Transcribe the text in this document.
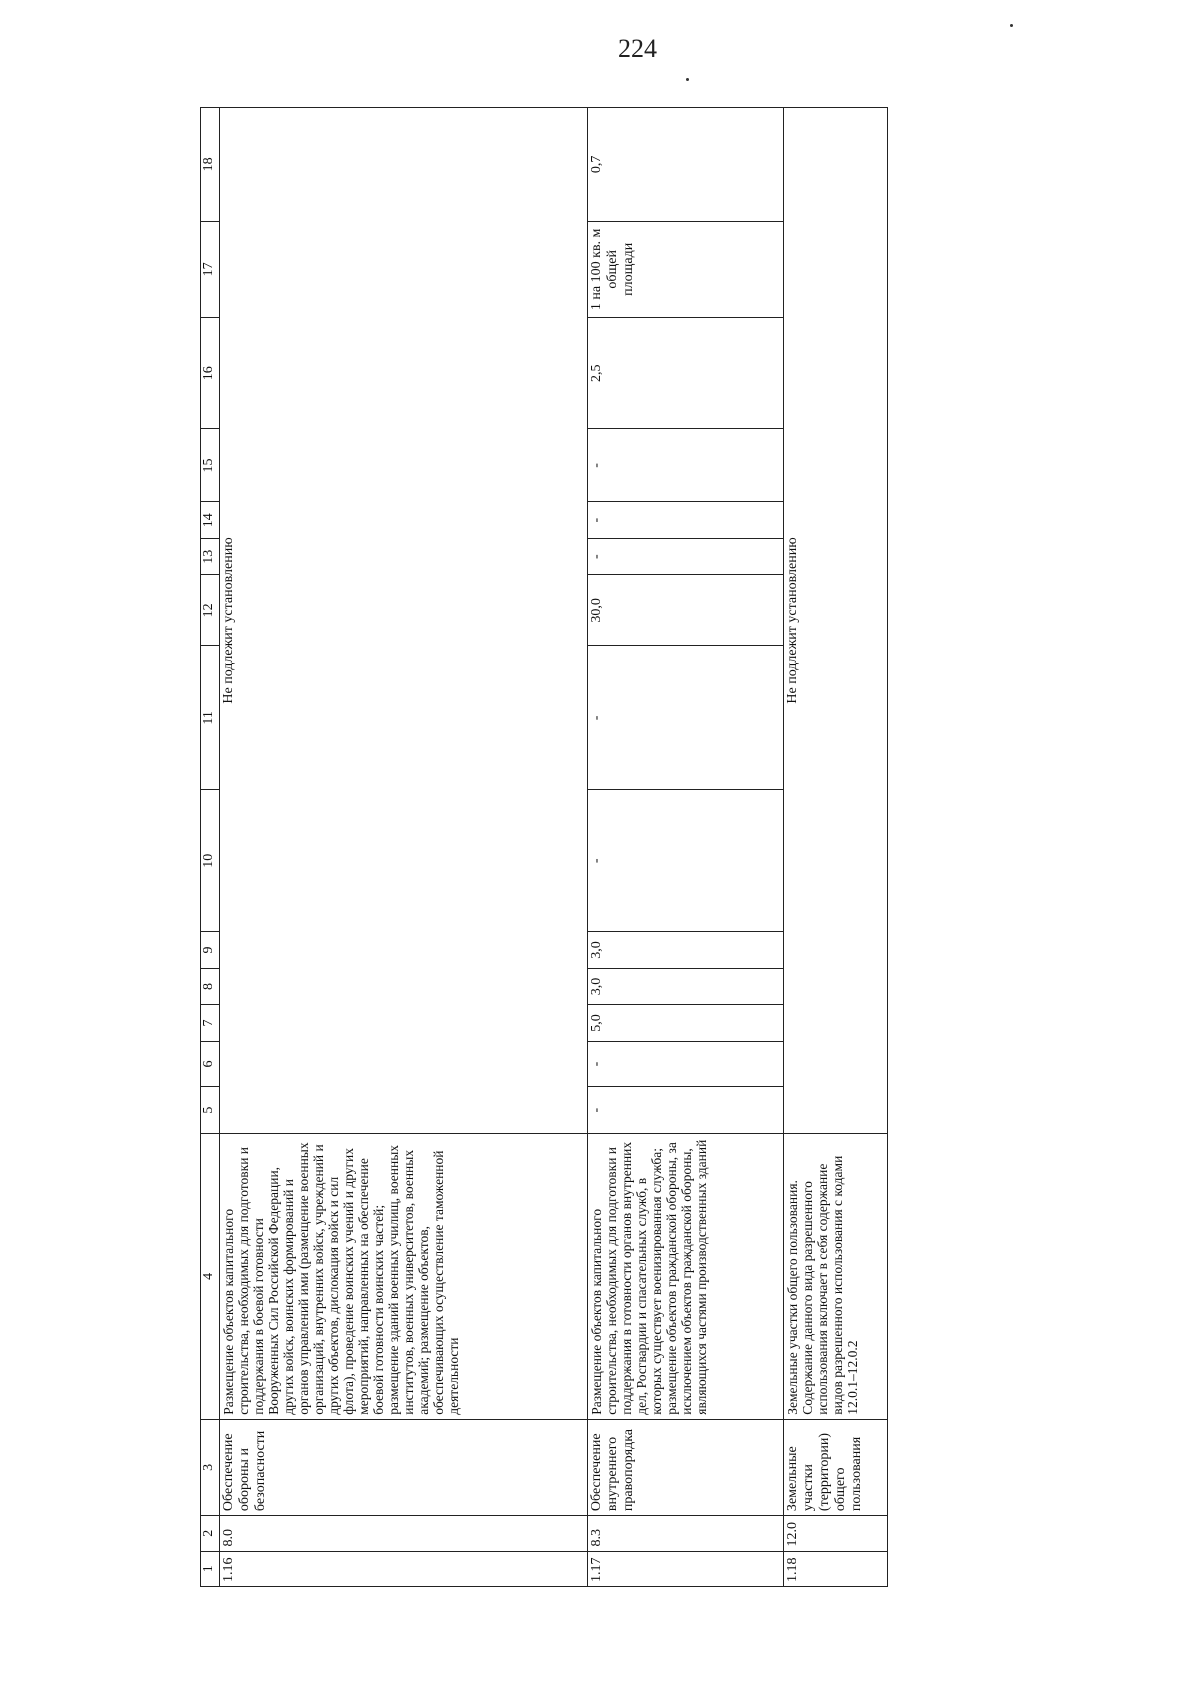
224
1	2	3	4	5	6	7	8	9	10	11	12	13	14	15	16	17	18
1.16	8.0	Обеспечение обороны и безопасности	Размещение объектов капитального строительства, необходимых для подготовки и поддержания в боевой готовности Вооруженных Сил Российской Федерации, других войск, воинских формирований и органов управлений ими (размещение военных организаций, внутренних войск, учреждений и других объектов, дислокация войск и сил флота), проведение воинских учений и других мероприятий, направленных на обеспечение боевой готовности воинских частей; размещение зданий военных училищ, военных институтов, военных университетов, военных академий; размещение объектов, обеспечивающих осуществление таможенной деятельности	Не подлежит установлению													
1.17	8.3	Обеспечение внутреннего правопорядка	Размещение объектов капитального строительства, необходимых для подготовки и поддержания в готовности органов внутренних дел, Росгвардии и спасательных служб, в которых существует военизированная служба; размещение объектов гражданской обороны, за исключением объектов гражданской обороны, являющихся частями производственных зданий	-	-	5,0	3,0	3,0	-	-	30,0	-	-	-	2,5	1 на 100 кв. м общей площади	0,7
1.18	12.0	Земельные участки (территории) общего пользования	Земельные участки общего пользования. Содержание данного вида разрешенного использования включает в себя содержание видов разрешенного использования с кодами 12.0.1–12.0.2	Не подлежит установлению													
